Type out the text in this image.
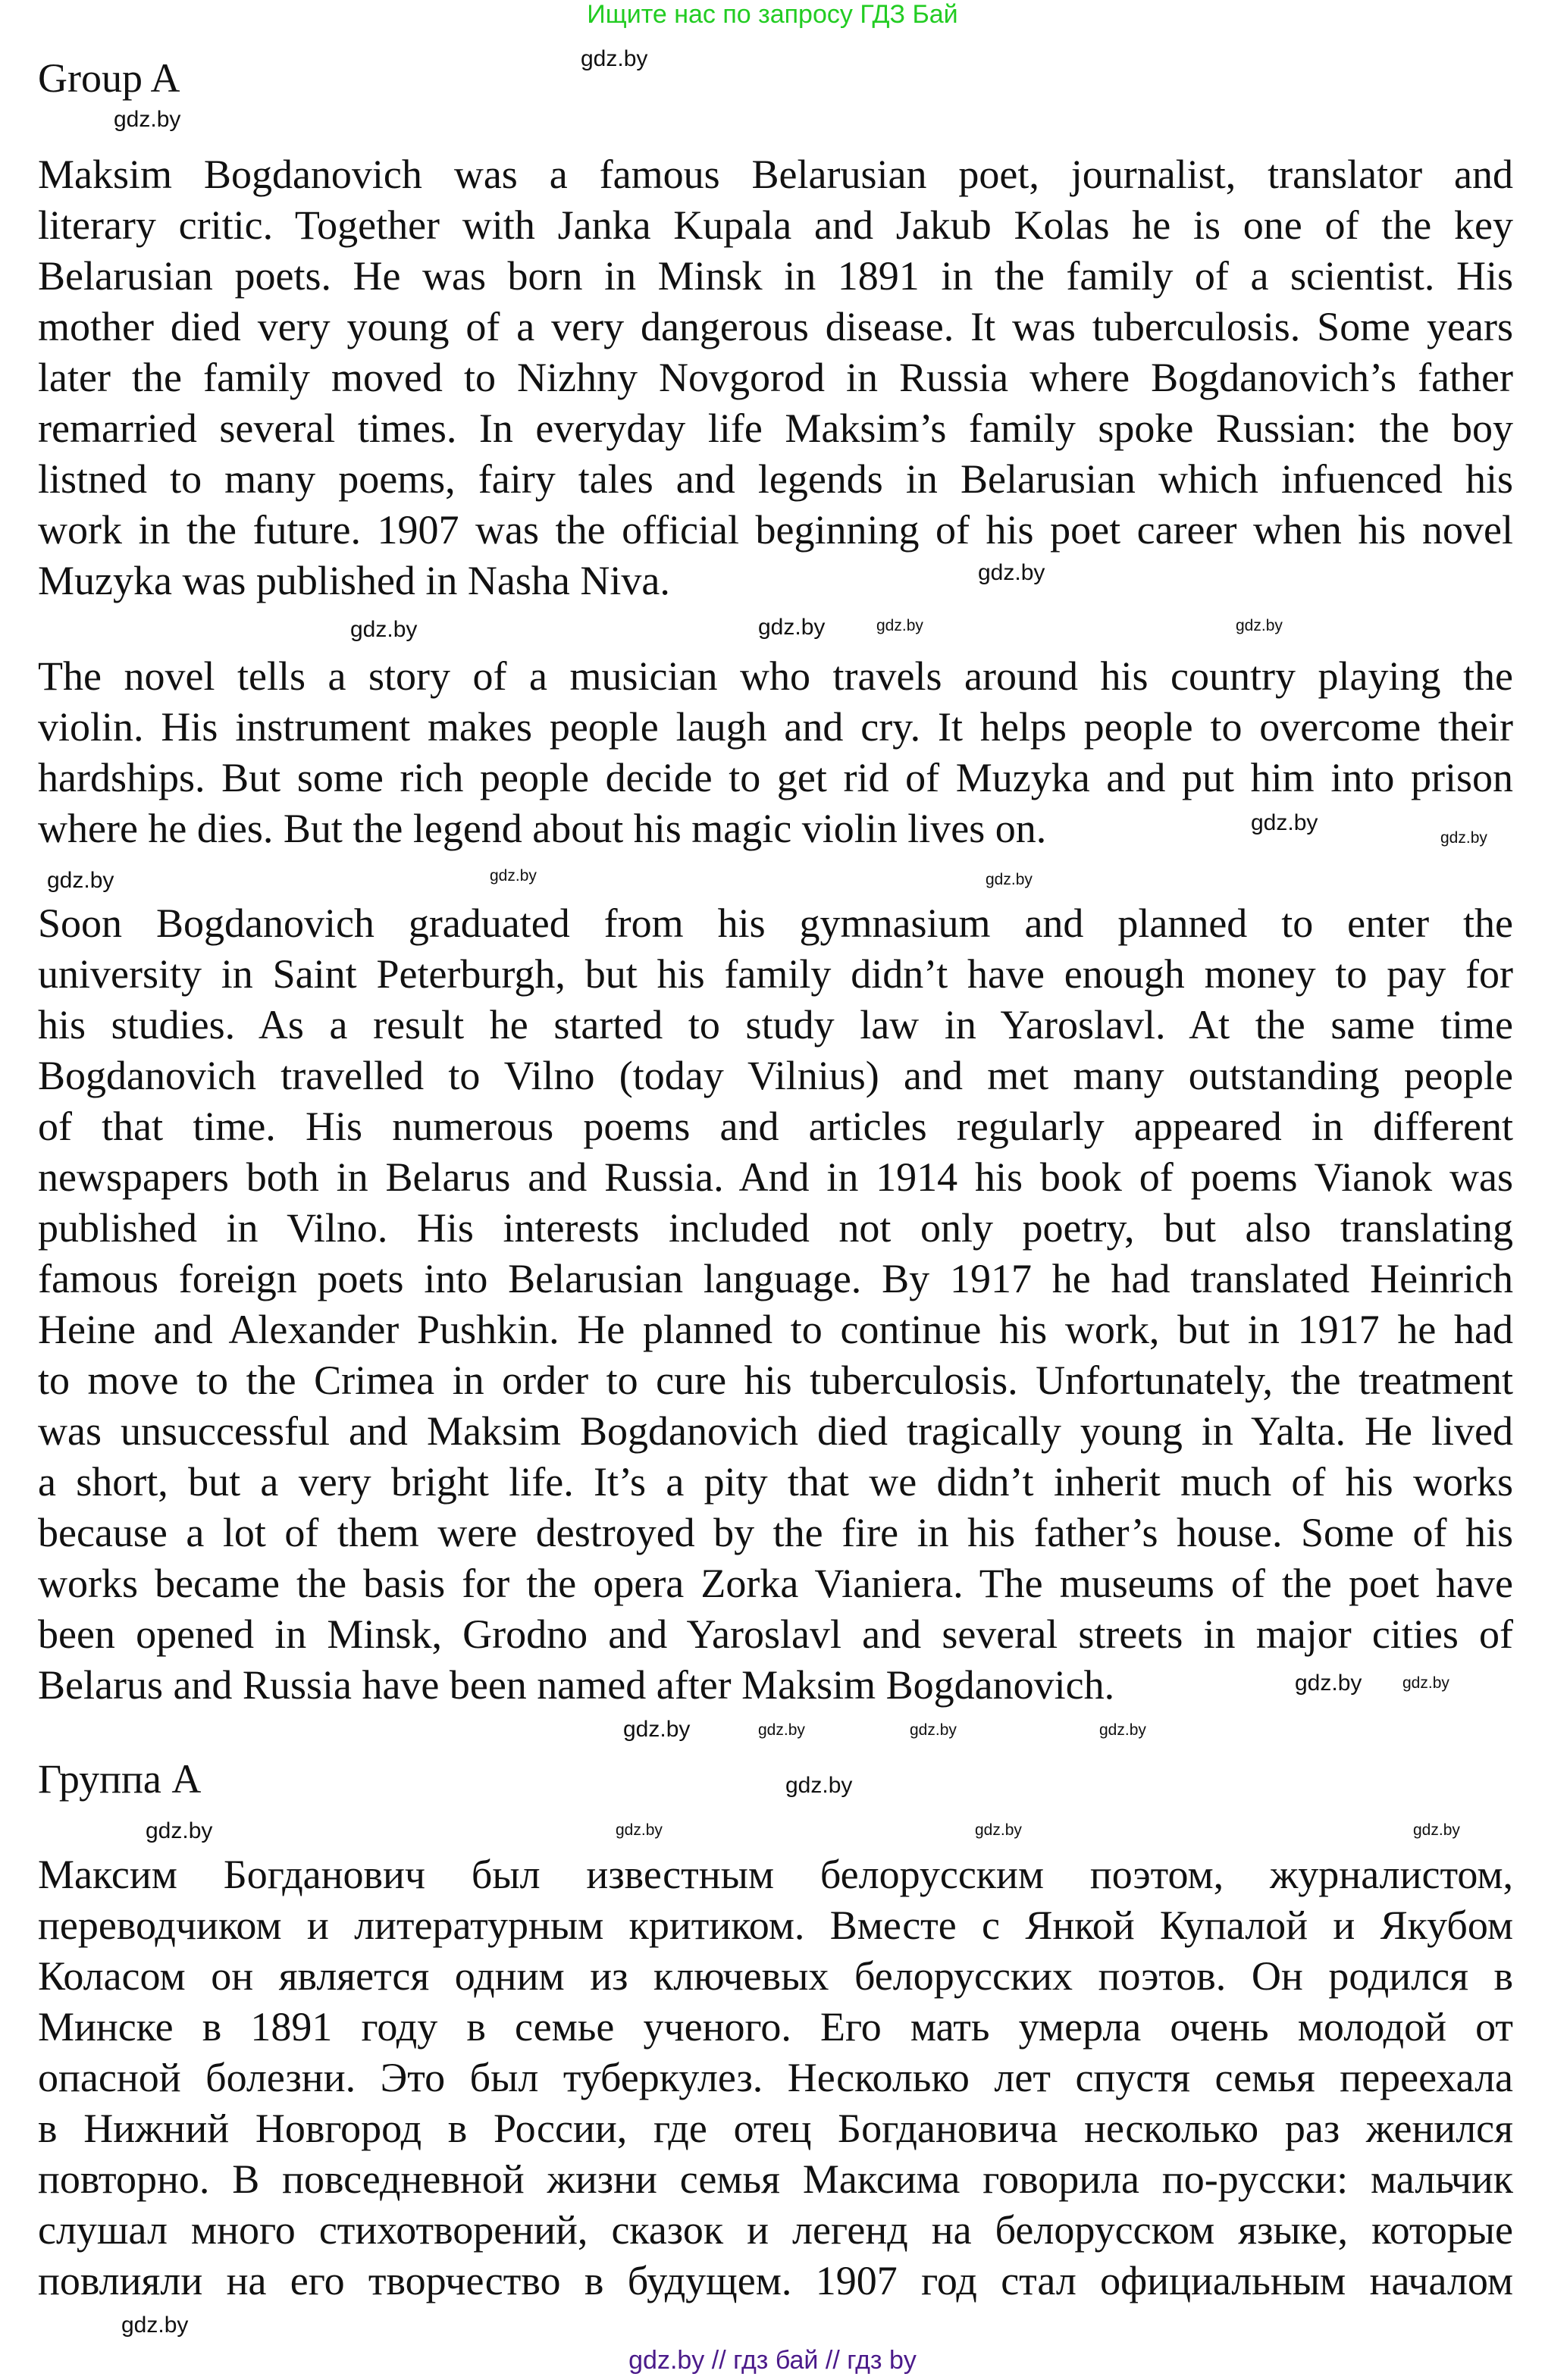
Ищите нас по запросу ГДЗ Бай
Group A
Maksim Bogdanovich was a famous Belarusian poet, journalist, translator and
literary critic. Together with Janka Kupala and Jakub Kolas he is one of the key
Belarusian poets. He was born in Minsk in 1891 in the family of a scientist. His
mother died very young of a very dangerous disease. It was tuberculosis. Some years
later the family moved to Nizhny Novgorod in Russia where Bogdanovich’s father
remarried several times. In everyday life Maksim’s family spoke Russian: the boy
listned to many poems, fairy tales and legends in Belarusian which infuenced his
work in the future. 1907 was the official beginning of his poet career when his novel
Muzyka was published in Nasha Niva.
The novel tells a story of a musician who travels around his country playing the
violin. His instrument makes people laugh and cry. It helps people to overcome their
hardships. But some rich people decide to get rid of Muzyka and put him into prison
where he dies. But the legend about his magic violin lives on.
Soon Bogdanovich graduated from his gymnasium and planned to enter the
university in Saint Peterburgh, but his family didn’t have enough money to pay for
his studies. As a result he started to study law in Yaroslavl. At the same time
Bogdanovich travelled to Vilno (today Vilnius) and met many outstanding people
of that time. His numerous poems and articles regularly appeared in different
newspapers both in Belarus and Russia. And in 1914 his book of poems Vianok was
published in Vilno. His interests included not only poetry, but also translating
famous foreign poets into Belarusian language. By 1917 he had translated Heinrich
Heine and Alexander Pushkin. He planned to continue his work, but in 1917 he had
to move to the Crimea in order to cure his tuberculosis. Unfortunately, the treatment
was unsuccessful and Maksim Bogdanovich died tragically young in Yalta. He lived
a short, but a very bright life. It’s a pity that we didn’t inherit much of his works
because a lot of them were destroyed by the fire in his father’s house. Some of his
works became the basis for the opera Zorka Vianiera. The museums of the poet have
been opened in Minsk, Grodno and Yaroslavl and several streets in major cities of
Belarus and Russia have been named after Maksim Bogdanovich.
Группа А
Максим Богданович был известным белорусским поэтом, журналистом,
переводчиком и литературным критиком. Вместе с Янкой Купалой и Якубом
Коласом он является одним из ключевых белорусских поэтов. Он родился в
Минске в 1891 году в семье ученого. Его мать умерла очень молодой от
опасной болезни. Это был туберкулез. Несколько лет спустя семья переехала
в Нижний Новгород в России, где отец Богдановича несколько раз женился
повторно. В повседневной жизни семья Максима говорила по-русски: мальчик
слушал много стихотворений, сказок и легенд на белорусском языке, которые
повлияли на его творчество в будущем. 1907 год стал официальным началом
gdz.by
gdz.by
gdz.by	gdz.by
gdz.by
gdz.by
gdz.by
gdz.by
gdz.by
gdz.by	gdz.by
gdz.by
gdz.by
gdz.by	gdz.by	gdz.by
gdz.by
gdz.by
gdz.by
gdz.by	gdz.by
gdz.by
gdz.by
gdz.by
gdz.by // гдз бай // гдз by
